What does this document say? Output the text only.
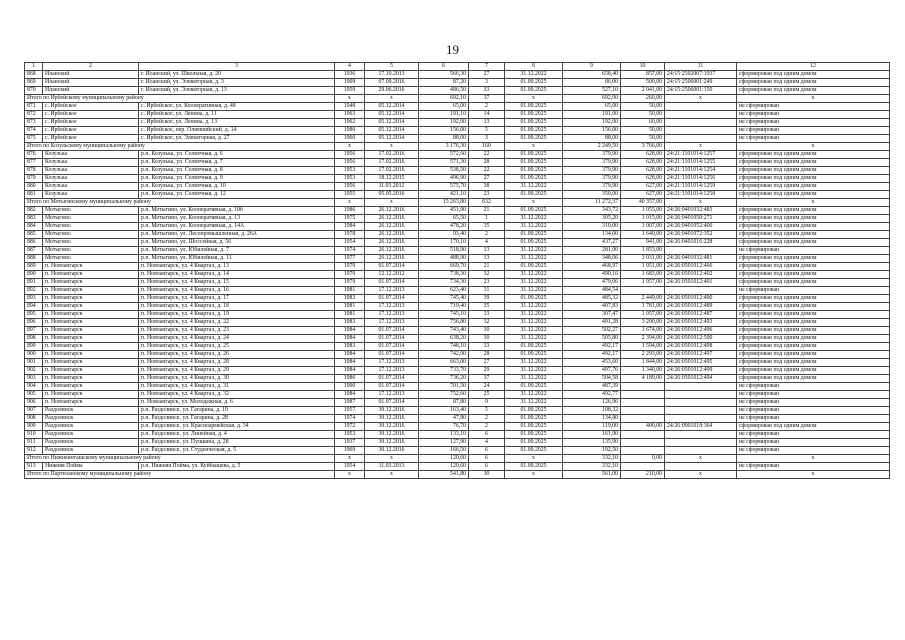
19
1	2	3	4	5	6	7	8	9	10	11	12
868	Иланский	г. Иланский, ул. Школьная, д. 20	1936	17.10.2013	566,30	27	31.12.2022	658,40	857,00	24:15:2502007:1937	сформирован под одним домом
869	Иланский	г. Иланский, ул. Элеваторная, д. 3	1909	07.09.2016	87,20	3	01.09.2025	86,00	500,00	24:15:2506001:249	сформирован под одним домом
870	Иланский	г. Иланский, ул. Элеваторная, д. 13	1959	29.06.2016	486,50	33	01.09.2025	527,10	2 041,00	24:15:2506001:150	сформирован под одним домом
Итого по Ирбейскому муниципальному району			x	x	692,10	37	x	692,00	260,00	x	x
871	с. Ирбейское	с. Ирбейское, ул. Кооперативная, д. 48	1948	05.12.2014	65,00	2	01.09.2025	65,00	50,00		не сформирован
872	с. Ирбейское	с. Ирбейское, ул. Ленина, д. 11	1963	05.12.2014	191,10	14	01.09.2025	191,00	50,00		не сформирован
873	с. Ирбейское	с. Ирбейское, ул. Ленина, д. 13	1962	05.12.2014	192,00	13	01.09.2025	192,00	60,00		не сформирован
874	с. Ирбейское	с. Ирбейское, пер. Олимпийский, д. 14	1980	05.12.2014	156,00	5	01.09.2025	156,00	50,00		не сформирован
875	с. Ирбейское	с. Ирбейское, ул. Элеваторная, д. 27	1960	05.12.2014	88,00	3	01.09.2025	88,00	50,00		не сформирован
Итого по Козульскому муниципальному району			x	x	3 176,30	160	x	2 249,50	3 766,00	x	x
876	Козулька	р.п. Козулька, ул. Солнечная, д. 6	1956	17.02.2016	572,60	22	01.09.2025	379,90	628,00	24:21:1101014:1257	сформирован под одним домом
877	Козулька	р.п. Козулька, ул. Солнечная, д. 7	1956	17.02.2016	571,30	28	01.09.2025	379,90	628,00	24:21:1101014:1255	сформирован под одним домом
878	Козулька	р.п. Козулька, ул. Солнечная, д. 8	1953	17.02.2016	538,50	22	01.09.2025	379,90	628,00	24:21:1101014:1254	сформирован под одним домом
879	Козулька	р.п. Козулька, ул. Солнечная, д. 9	1953	18.12.2015	496,90	27	01.09.2025	379,90	628,00	24:21:1101014:1256	сформирован под одним домом
880	Козулька	р.п. Козулька, ул. Солнечная, д. 10	1956	11.03.2012	575,70	38	31.12.2022	379,90	627,00	24:21:1101014:1259	сформирован под одним домом
881	Козулька	р.п. Козулька, ул. Солнечная, д. 12	1955	05.05.2016	421,10	23	01.09.2025	350,00	627,00	24:21:1101014:1258	сформирован под одним домом
Итого по Мотыгинскому муниципальному району			x	x	15 263,80	632	x	11 272,37	40 357,00	x	x
882	Мотыгино	р.п. Мотыгино, ул. Кооперативная, д. 10б	1986	26.12.2016	451,90	21	01.09.2025	343,72	1 055,00	24:26:0401032:483	сформирован под одним домом
883	Мотыгино	р.п. Мотыгино, ул. Кооперативная, д. 13	1975	26.12.2016	65,50	1	31.12.2022	305,20	1 015,00	24:26:0401050:271	сформирован под одним домом
884	Мотыгино	р.п. Мотыгино, ул. Кооперативная, д. 14А	1984	26.12.2016	478,20	35	31.12.2022	310,00	1 007,00	24:26:0401052:400	сформирован под одним домом
885	Мотыгино	р.п. Мотыгино, ул. Лесопромышленная, д. 26А	1978	26.12.2016	93,40	2	01.09.2025	134,00	1 649,00	24:26:0401072:352	сформирован под одним домом
886	Мотыгино	р.п. Мотыгино, ул. Шоссейная, д. 56	1954	26.12.2016	170,10	4	01.09.2025	437,27	941,00	24:26:0401016:228	сформирован под одним домом
887	Мотыгино	р.п. Мотыгино, ул. Юбилейная, д. 7	1974	26.12.2016	518,90	13	31.12.2022	281,00	1 853,00		не сформирован
888	Мотыгино	р.п. Мотыгино, ул. Юбилейная, д. 11	1977	26.12.2016	488,90	13	31.12.2022	348,06	3 031,00	24:26:0401032:481	сформирован под одним домом
889	п. Новоангарск	п. Новоангарск, ул. 4 Квартал, д. 13	1979	01.07.2014	669,70	21	01.09.2025	468,97	1 951,00	24:26:0501012:466	сформирован под одним домом
890	п. Новоангарск	п. Новоангарск, ул. 4 Квартал, д. 14	1979	12.12.2012	738,30	32	31.12.2022	490,16	1 683,00	24:26:0501012:402	сформирован под одним домом
891	п. Новоангарск	п. Новоангарск, ул. 4 Квартал, д. 15	1979	01.07.2014	734,30	23	31.12.2022	479,06	1 957,00	24:26:0501012:401	сформирован под одним домом
892	п. Новоангарск	п. Новоангарск, ул. 4 Квартал, д. 16	1981	17.12.2013	623,40	31	31.12.2022	484,54			не сформирован
893	п. Новоангарск	п. Новоангарск, ул. 4 Квартал, д. 17	1983	01.07.2014	745,40	39	01.09.2025	485,32	2 449,00	24:26:0501012:490	сформирован под одним домом
894	п. Новоангарск	п. Новоангарск, ул. 4 Квартал, д. 18	1981	17.12.2013	719,40	35	31.12.2022	407,83	1 781,00	24:26:0501012:489	сформирован под одним домом
895	п. Новоангарск	п. Новоангарск, ул. 4 Квартал, д. 19	1981	17.12.2013	745,10	33	31.12.2022	307,47	1 057,00	24:26:0501012:487	сформирован под одним домом
896	п. Новоангарск	п. Новоангарск, ул. 4 Квартал, д. 22	1983	17.12.2013	756,80	32	31.12.2022	491,28	3 200,00	24:26:0501012:493	сформирован под одним домом
897	п. Новоангарск	п. Новоангарск, ул. 4 Квартал, д. 23	1984	01.07.2014	743,40	30	31.12.2022	502,27	1 674,00	24:26:0501012:496	сформирован под одним домом
898	п. Новоангарск	п. Новоангарск, ул. 4 Квартал, д. 24	1984	01.07.2014	638,20	30	31.12.2022	505,80	2 394,00	24:26:0501012:500	сформирован под одним домом
899	п. Новоангарск	п. Новоангарск, ул. 4 Квартал, д. 25	1983	01.07.2014	748,10	33	01.09.2025	492,17	1 594,00	24:26:0501012:498	сформирован под одним домом
900	п. Новоангарск	п. Новоангарск, ул. 4 Квартал, д. 26	1984	01.07.2014	742,00	28	01.09.2025	492,17	2 293,00	24:26:0501012:497	сформирован под одним домом
901	п. Новоангарск	п. Новоангарск, ул. 4 Квартал, д. 28	1984	17.12.2013	663,00	27	31.12.2022	453,60	1 844,00	24:26:0501012:495	сформирован под одним домом
902	п. Новоангарск	п. Новоангарск, ул. 4 Квартал, д. 29	1984	17.12.2013	733,70	29	31.12.2022	497,76	1 340,00	24:26:0501012:499	сформирован под одним домом
903	п. Новоангарск	п. Новоангарск, ул. 4 Квартал, д. 30	1986	01.07.2014	736,20	37	31.12.2022	504,58	4 189,00	24:26:0501012:494	сформирован под одним домом
904	п. Новоангарск	п. Новоангарск, ул. 4 Квартал, д. 31	1990	01.07.2014	701,50	24	01.09.2025	487,39			не сформирован
905	п. Новоангарск	п. Новоангарск, ул. 4 Квартал, д. 32	1984	17.12.2013	752,60	25	31.12.2022	492,77			не сформирован
906	п. Новоангарск	п. Новоангарск, ул. Молодежная, д. 6	1987	01.07.2014	87,80	9	31.12.2022	126,96			не сформирован
907	Раздолинск	р.п. Раздолинск, ул. Гагарина, д. 19	1957	30.12.2016	163,40	5	01.09.2025	108,32			не сформирован
908	Раздолинск	р.п. Раздолинск, ул. Гагарина, д. 28	1974	30.12.2016	47,80	2	01.09.2025	134,80			не сформирован
909	Раздолинск	р.п. Раздолинск, ул. Красноармейская, д. 34	1972	30.12.2016	76,70	2	01.09.2025	119,00	400,00	24:26:0901018:364	сформирован под одним домом
910	Раздолинск	р.п. Раздолинск, ул. Линейная, д. 4	1953	30.12.2016	133,10	6	01.09.2025	161,90			не сформирован
911	Раздолинск	р.п. Раздолинск, ул. Пушкина, д. 28	1937	30.12.2016	127,90	4	01.09.2025	135,90			не сформирован
912	Раздолинск	р.п. Раздолинск, ул. Студенческая, д. 5	1969	30.12.2016	166,50	6	01.09.2025	192,50			не сформирован
Итого по Нижнеингашскому муниципальному району			x	x	120,60	6	x	332,10	0,00	x	x
913	Нижняя Пойма	р.п. Нижняя Пойма, ул. Куйбышева, д. 5	1954	11.03.2013	120,60	6	01.09.2025	332,10			не сформирован
Итого по Партизанскому муниципальному району			x	x	541,80	30	x	561,00	210,00	x	x
